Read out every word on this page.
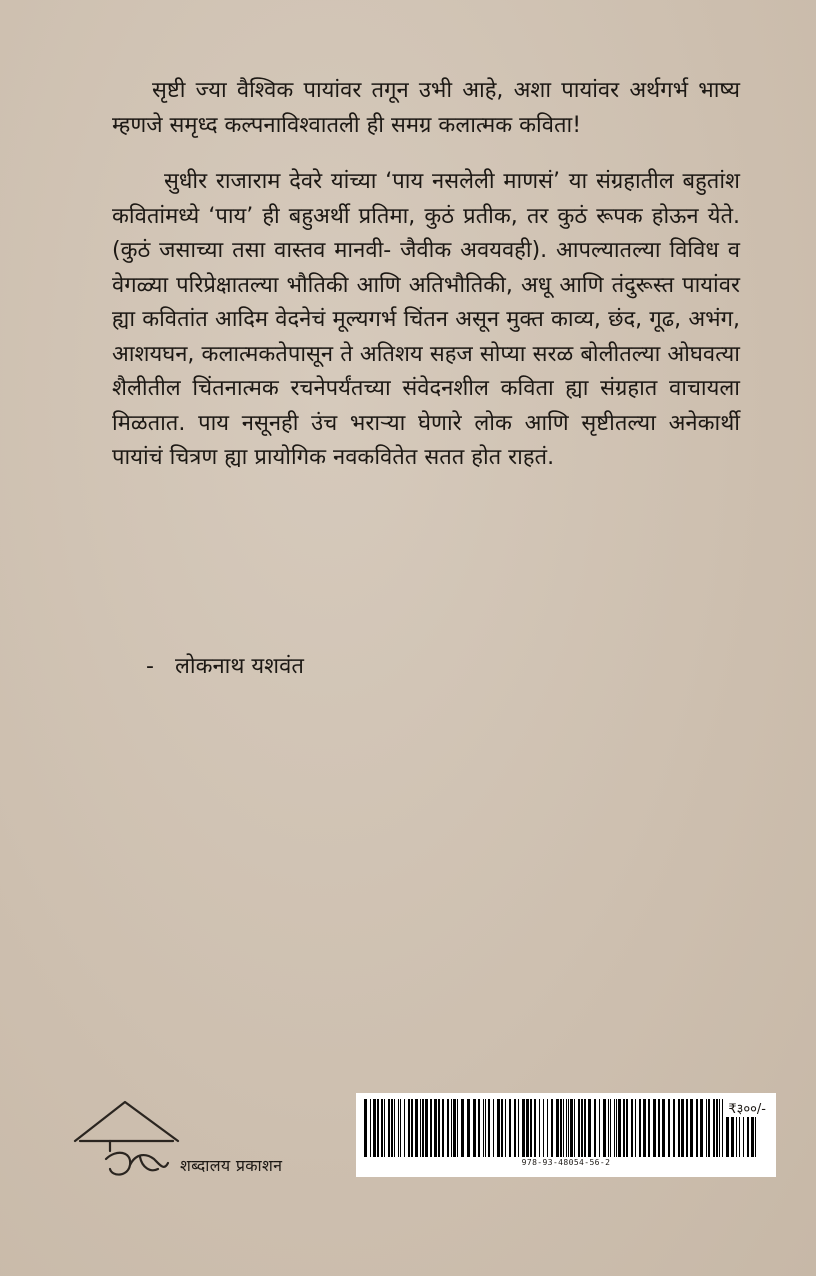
सृष्टी ज्या वैश्विक पायांवर तगून उभी आहे, अशा पायांवर अर्थगर्भ भाष्य म्हणजे समृध्द कल्पनाविश्वातली ही समग्र कलात्मक कविता!

सुधीर राजाराम देवरे यांच्या ‘पाय नसलेली माणसं’ या संग्रहातील बहुतांश कवितांमध्ये ‘पाय’ ही बहुअर्थी प्रतिमा, कुठं प्रतीक, तर कुठं रूपक होऊन येते. (कुठं जसाच्या तसा वास्तव मानवी- जैवीक अवयवही). आपल्यातल्या विविध व वेगळ्या परिप्रेक्षातल्या भौतिकी आणि अतिभौतिकी, अधू आणि तंदुरूस्त पायांवर ह्या कवितांत आदिम वेदनेचं मूल्यगर्भ चिंतन असून मुक्त काव्य, छंद, गूढ, अभंग, आशयघन, कलात्मकतेपासून ते अतिशय सहज सोप्या सरळ बोलीतल्या ओघवत्या शैलीतील चिंतनात्मक रचनेपर्यंतच्या संवेदनशील कविता ह्या संग्रहात वाचायला मिळतात. पाय नसूनही उंच भराऱ्या घेणारे लोक आणि सृष्टीतल्या अनेकार्थी पायांचं चित्रण ह्या प्रायोगिक नवकवितेत सतत होत राहतं.

- लोकनाथ यशवंत
शब्दालय प्रकाशन
₹३००/-
978-93-48054-56-2
